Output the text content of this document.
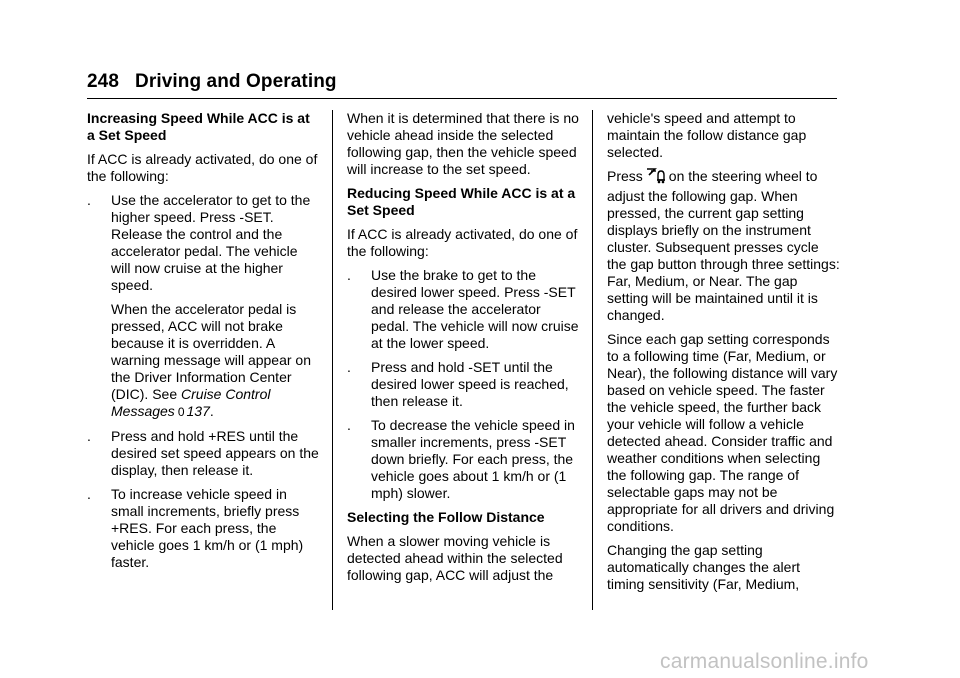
248 Driving and Operating

Increasing Speed While ACC is at a Set Speed

If ACC is already activated, do one of the following:

. Use the accelerator to get to the higher speed. Press -SET. Release the control and the accelerator pedal. The vehicle will now cruise at the higher speed.
When the accelerator pedal is pressed, ACC will not brake because it is overridden. A warning message will appear on the Driver Information Center (DIC). See Cruise Control Messages 0 137.
. Press and hold +RES until the desired set speed appears on the display, then release it.
. To increase vehicle speed in small increments, briefly press +RES. For each press, the vehicle goes 1 km/h or (1 mph) faster.

When it is determined that there is no vehicle ahead inside the selected following gap, then the vehicle speed will increase to the set speed.

Reducing Speed While ACC is at a Set Speed

If ACC is already activated, do one of the following:

. Use the brake to get to the desired lower speed. Press -SET and release the accelerator pedal. The vehicle will now cruise at the lower speed.
. Press and hold -SET until the desired lower speed is reached, then release it.
. To decrease the vehicle speed in smaller increments, press -SET down briefly. For each press, the vehicle goes about 1 km/h or (1 mph) slower.

Selecting the Follow Distance

When a slower moving vehicle is detected ahead within the selected following gap, ACC will adjust the

vehicle's speed and attempt to maintain the follow distance gap selected.

Press on the steering wheel to adjust the following gap. When pressed, the current gap setting displays briefly on the instrument cluster. Subsequent presses cycle the gap button through three settings: Far, Medium, or Near. The gap setting will be maintained until it is changed.

Since each gap setting corresponds to a following time (Far, Medium, or Near), the following distance will vary based on vehicle speed. The faster the vehicle speed, the further back your vehicle will follow a vehicle detected ahead. Consider traffic and weather conditions when selecting the following gap. The range of selectable gaps may not be appropriate for all drivers and driving conditions.

Changing the gap setting automatically changes the alert timing sensitivity (Far, Medium,

carmanualsonline.info
